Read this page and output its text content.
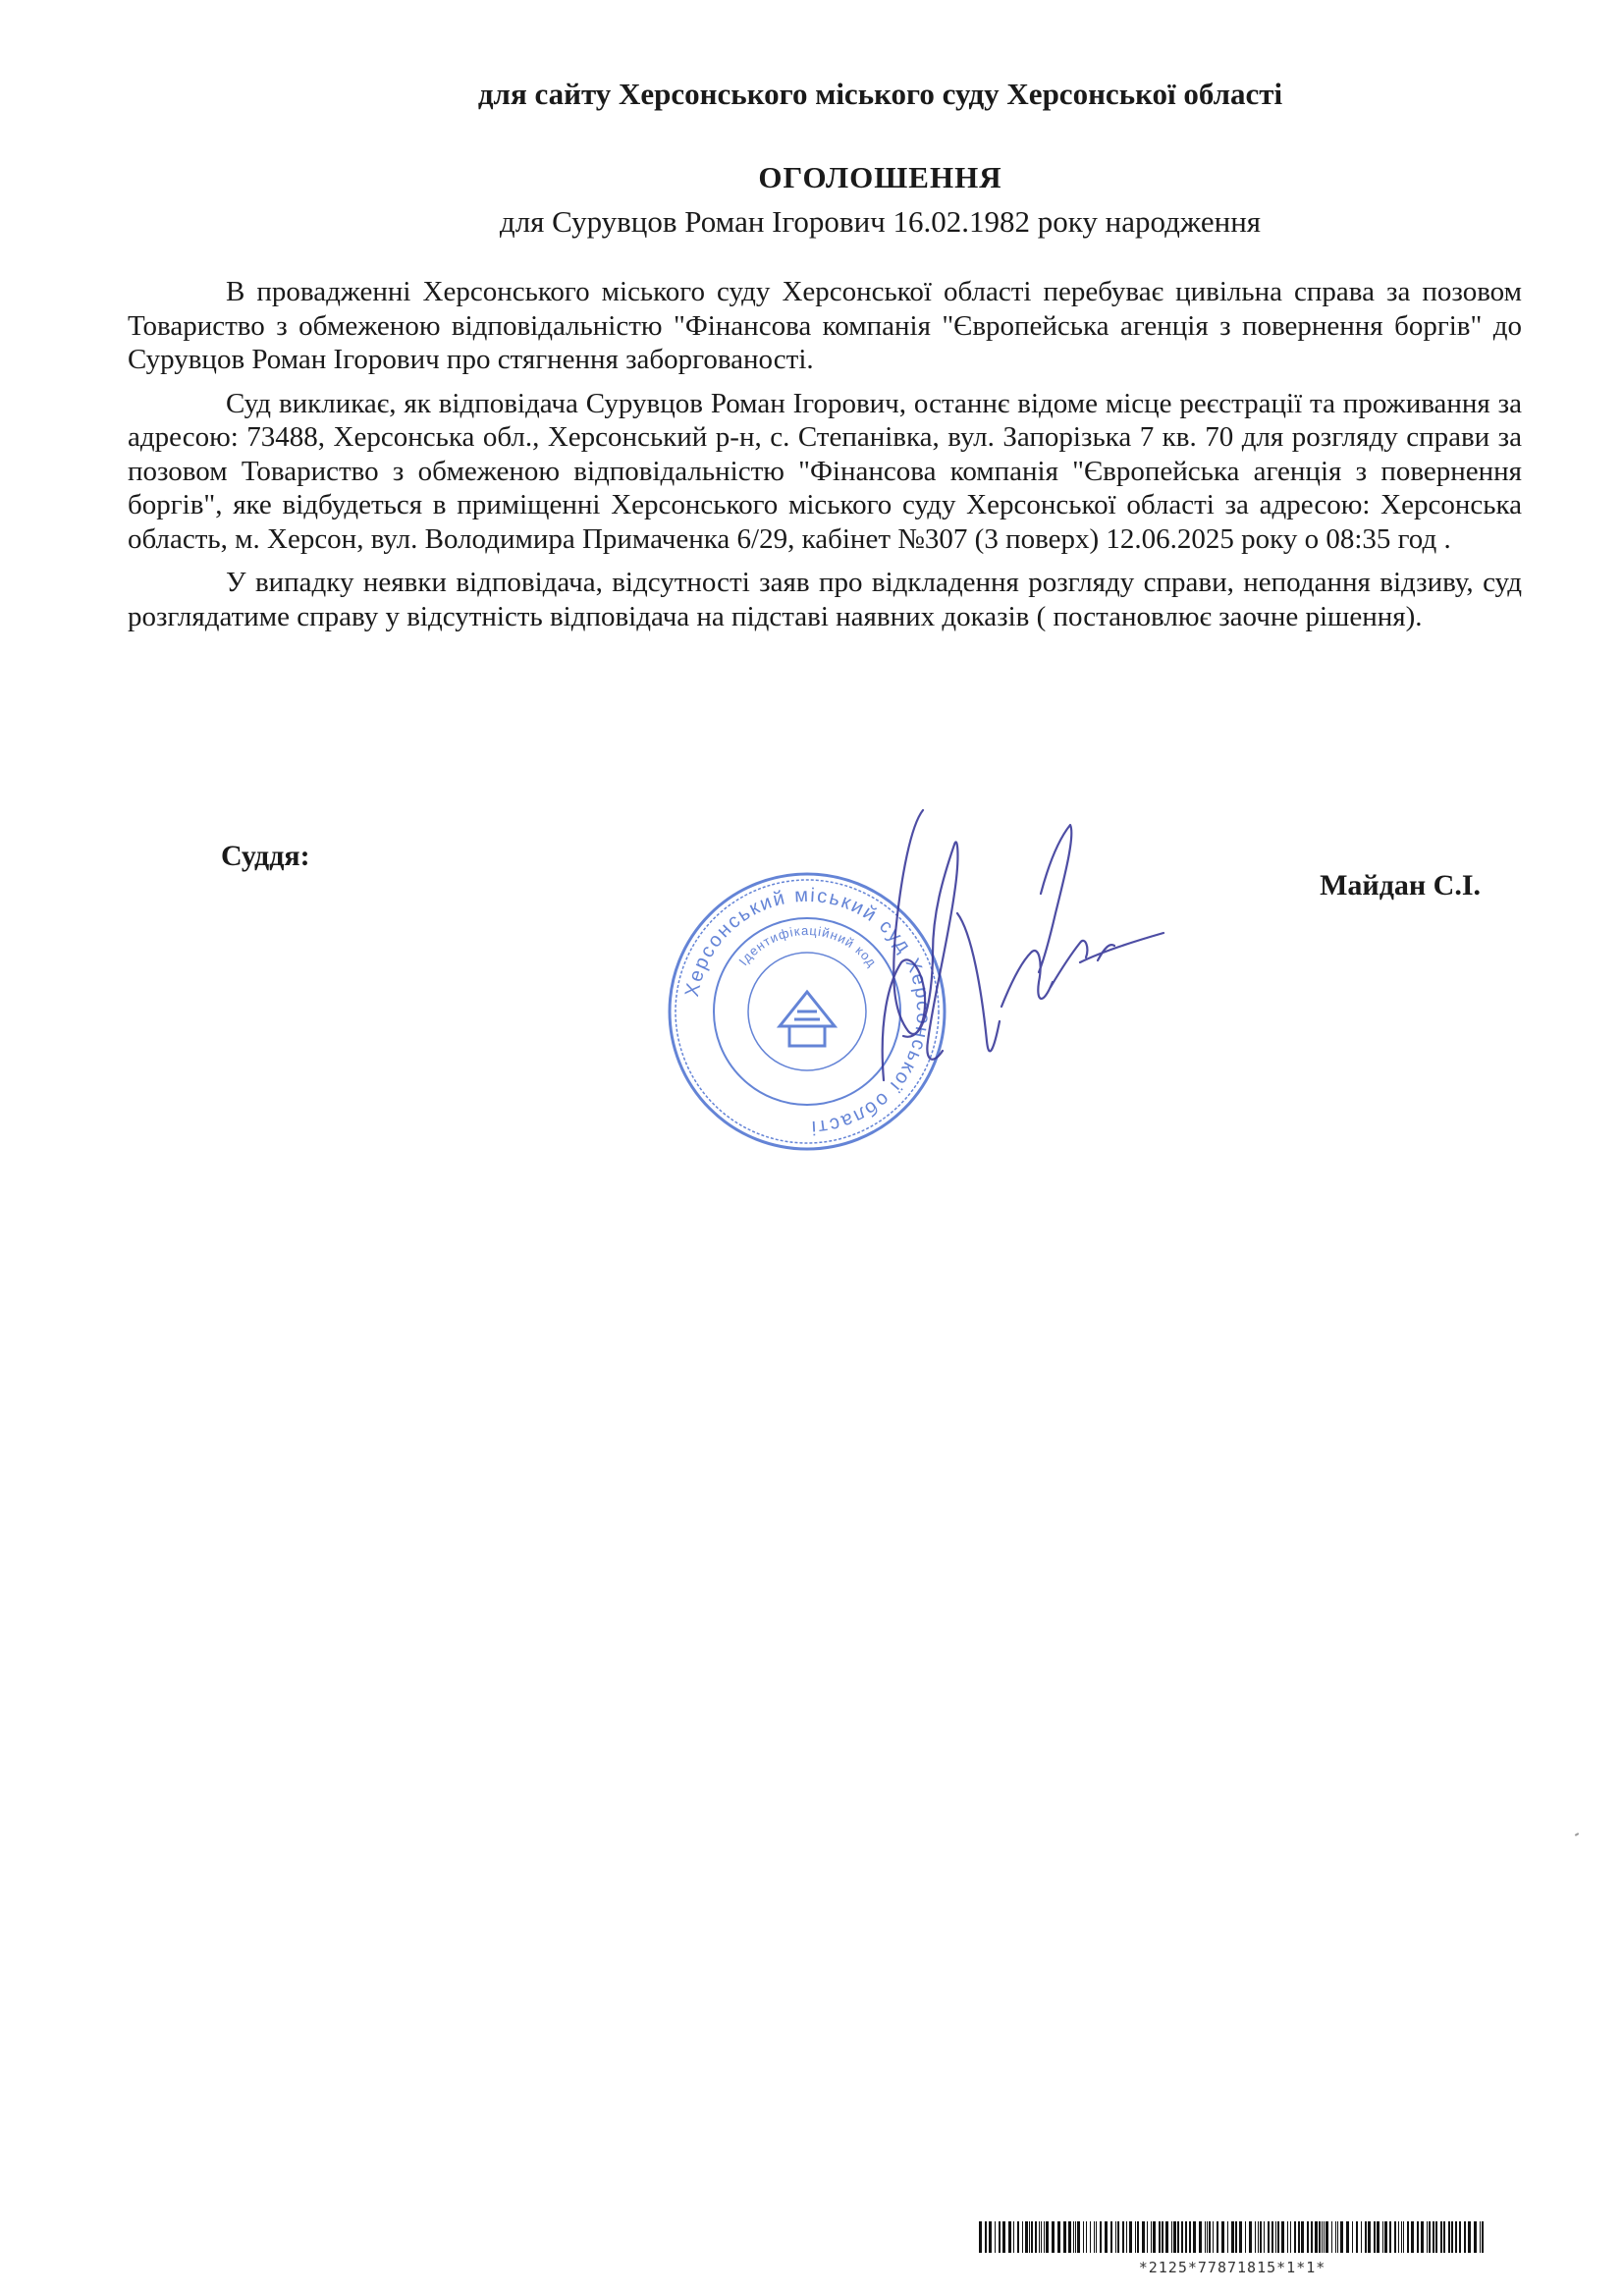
для сайту Херсонського міського суду Херсонської області
ОГОЛОШЕННЯ
для Сурувцов Роман Ігорович 16.02.1982 року народження

В провадженні Херсонського міського суду Херсонської області перебуває цивільна справа за позовом Товариство з обмеженою відповідальністю "Фінансова компанія "Європейська агенція з повернення боргів" до Сурувцов Роман Ігорович про стягнення заборгованості.

Суд викликає, як відповідача Сурувцов Роман Ігорович, останнє відоме місце реєстрації та проживання за адресою: 73488, Херсонська обл., Херсонський р-н, с. Степанівка, вул. Запорізька 7 кв. 70 для розгляду справи за позовом Товариство з обмеженою відповідальністю "Фінансова компанія "Європейська агенція з повернення боргів", яке відбудеться в приміщенні Херсонського міського суду Херсонської області за адресою: Херсонська область, м. Херсон, вул. Володимира Примаченка 6/29, кабінет №307 (3 поверх) 12.06.2025 року о 08:35 год .

У випадку неявки відповідача, відсутності заяв про відкладення розгляду справи, неподання відзиву, суд розглядатиме справу у відсутність відповідача на підставі наявних доказів ( постановлює заочне рішення).

Суддя:
Майдан С.І.
Херсонський міський суд Херсонської області
Ідентифікаційний код
*2125*77871815*1*1*
